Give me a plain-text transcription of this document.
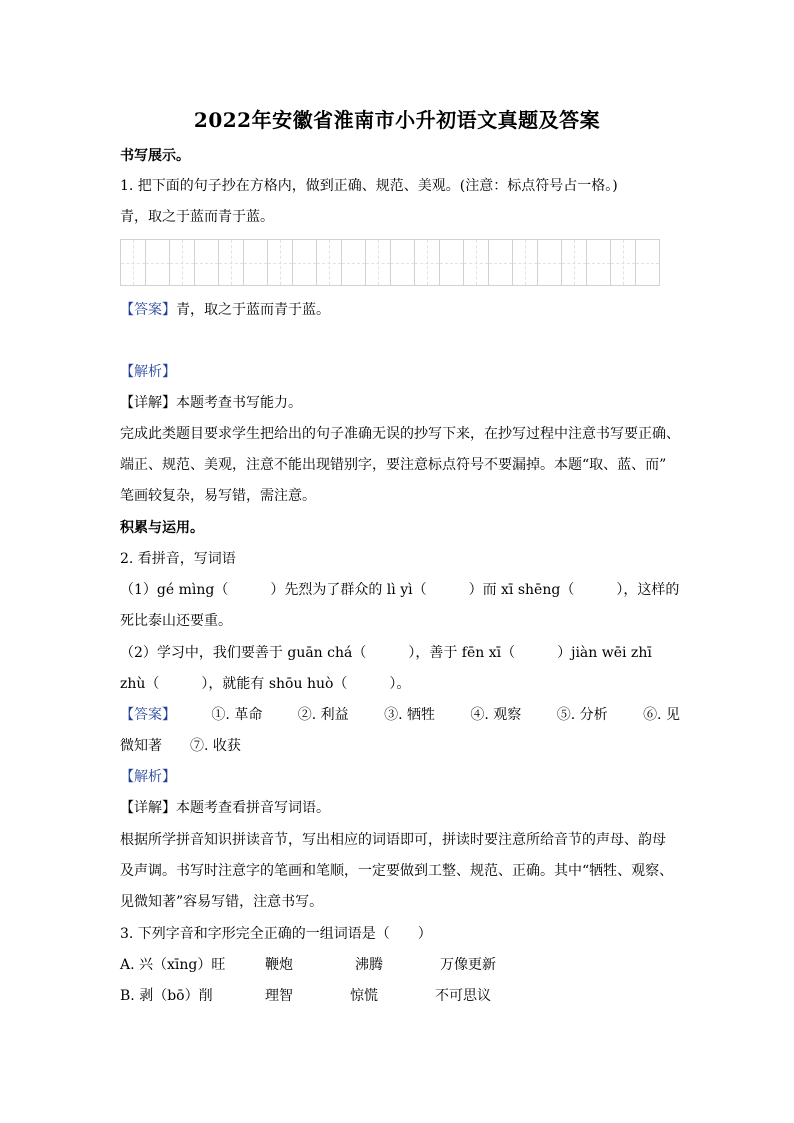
2022年安徽省淮南市小升初语文真题及答案
书写展示。
1. 把下面的句子抄在方格内，做到正确、规范、美观。(注意：标点符号占一格。)
青，取之于蓝而青于蓝。
【答案】青，取之于蓝而青于蓝。
【解析】
【详解】本题考查书写能力。
完成此类题目要求学生把给出的句子准确无误的抄写下来，在抄写过程中注意书写要正确、
端正、规范、美观，注意不能出现错别字，要注意标点符号不要漏掉。本题“取、蓝、而”
笔画较复杂，易写错，需注意。
积累与运用。
2. 看拼音，写词语
（1）gé mìng（　　　）先烈为了群众的 lì yì（　　　）而 xī shēng（　　　），这样的
死比泰山还要重。
（2）学习中，我们要善于 guān chá（　　　），善于 fēn xī（　　　）jiàn wēi zhī
zhù（　　　），就能有 shōu huò（　　　）。
【答案】	①. 革命	②. 利益	③. 牺牲	④. 观察	⑤. 分析	⑥. 见
微知著　　⑦. 收获
【解析】
【详解】本题考查看拼音写词语。
根据所学拼音知识拼读音节，写出相应的词语即可，拼读时要注意所给音节的声母、韵母
及声调。书写时注意字的笔画和笔顺，一定要做到工整、规范、正确。其中“牺牲、观察、
见微知著”容易写错，注意书写。
3. 下列字音和字形完全正确的一组词语是（　　）
A. 兴（xīng）旺	鞭炮	沸腾	万像更新
B. 剥（bō）削	理智	惊慌	不可思议
